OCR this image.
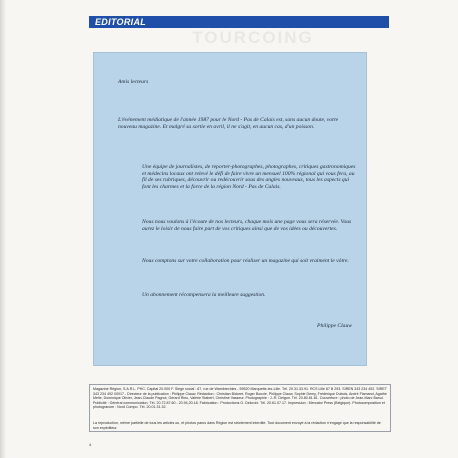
EDITORIAL
TOURCOING

Amis lecteurs

L'événement médiatique de l'année 1987 pour le Nord - Pas de Calais est, sans aucun doute, votre nouveau magazine. Et malgré sa sortie en avril, il ne s'agit, en aucun cas, d'un poisson.

Une équipe de journalistes, de reporter-photographes, photographes, critiques gastronomiques et médecins locaux ont relevé le défi de faire vivre un mensuel 100% régional qui vous fera, au fil de ses rubriques, découvrir ou redécouvrir sous des angles nouveaux, tous les aspects qui font les charmes et la force de la région Nord - Pas de Calais.

Nous nous voulons à l'écoute de nos lecteurs, chaque mois une page vous sera réservée. Vous aurez le loisir de nous faire part de vos critiques ainsi que de vos idées ou découvertes.

Nous comptons sur votre collaboration pour réaliser un magazine qui soit vraiment le vôtre.

Un abonnement récompensera la meilleure suggestion.

Philippe Clauw

Magazine Région, S.A.R.L. PHC. Capital 20.000 F. Siège social : 67, rue de Wambrechies - 59520 Marquette-lez-Lille. Tél. 20.31.33.91. RCS Lille 87 B 293. SIREN 343 234 492. SIRET 343 234 492 00017 - Directeur de la publication : Philippe Clauw. Rédaction : Christian Bidoret, Roger Bouvie, Philippe Clauw, Sophie Demy, Frédérique Dubois, André Flamand, Agathe Meile, Dominique Olivier, Jean-Claude Pagnot, Gérard Rieu, Valérie Stabert, Christine Vasseur. Photographie : J.-R. Delgon. Tél. 20.80.81.81. Couverture : photo de Jean-Marc Banul. Publicité : Général communication. Tél. 20.72.87.60 - 20.94.20.18. Fabrication : Productions G. Delcroix. Tél. 20.61.07.17. Impression : Mercator Press (Belgique). Photocomposition et photogravure : Nord Compo. Tél. 20.01.31.32.

La reproduction, même partielle de tous les articles ou, et photos parus dans Région est strictement interdite. Tout document envoyé à la rédaction n'engage que la responsabilité de son expéditeur.

4
